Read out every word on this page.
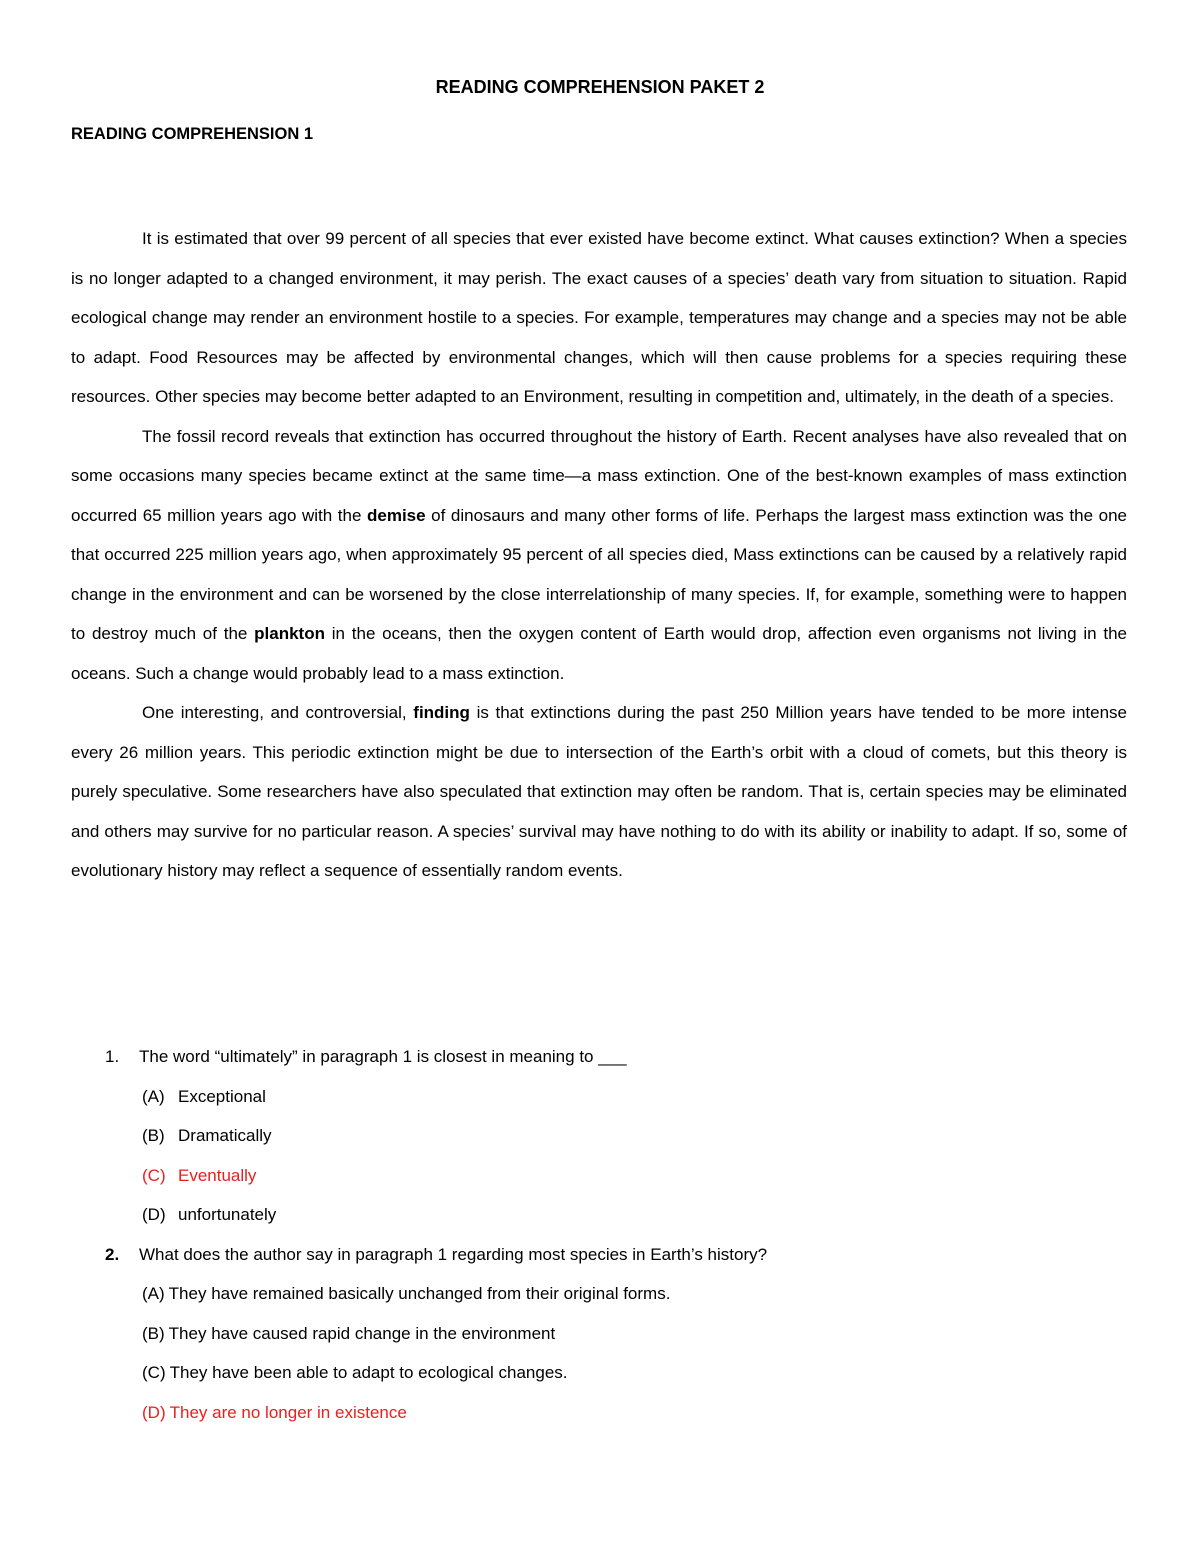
READING COMPREHENSION PAKET 2
READING COMPREHENSION 1

It is estimated that over 99 percent of all species that ever existed have become extinct. What causes extinction? When a species is no longer adapted to a changed environment, it may perish. The exact causes of a species’ death vary from situation to situation. Rapid ecological change may render an environment hostile to a species. For example, temperatures may change and a species may not be able to adapt. Food Resources may be affected by environmental changes, which will then cause problems for a species requiring these resources. Other species may become better adapted to an Environment, resulting in competition and, ultimately, in the death of a species.

The fossil record reveals that extinction has occurred throughout the history of Earth. Recent analyses have also revealed that on some occasions many species became extinct at the same time—a mass extinction. One of the best-known examples of mass extinction occurred 65 million years ago with the demise of dinosaurs and many other forms of life. Perhaps the largest mass extinction was the one that occurred 225 million years ago, when approximately 95 percent of all species died, Mass extinctions can be caused by a relatively rapid change in the environment and can be worsened by the close interrelationship of many species. If, for example, something were to happen to destroy much of the plankton in the oceans, then the oxygen content of Earth would drop, affection even organisms not living in the oceans. Such a change would probably lead to a mass extinction.

One interesting, and controversial, finding is that extinctions during the past 250 Million years have tended to be more intense every 26 million years. This periodic extinction might be due to intersection of the Earth’s orbit with a cloud of comets, but this theory is purely speculative. Some researchers have also speculated that extinction may often be random. That is, certain species may be eliminated and others may survive for no particular reason. A species’ survival may have nothing to do with its ability or inability to adapt. If so, some of evolutionary history may reflect a sequence of essentially random events.

1.	The word “ultimately” in paragraph 1 is closest in meaning to ___
(A) Exceptional
(B) Dramatically
(C) Eventually
(D) unfortunately
2.	What does the author say in paragraph 1 regarding most species in Earth’s history?
(A) They have remained basically unchanged from their original forms.
(B) They have caused rapid change in the environment
(C) They have been able to adapt to ecological changes.
(D) They are no longer in existence
